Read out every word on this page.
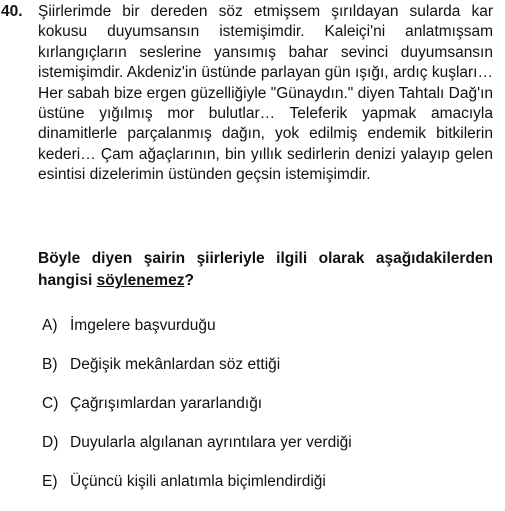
40. Şiirlerimde bir dereden söz etmişsem şırıldayan sularda kar kokusu duyumsansın istemişimdir. Kaleiçi'ni anlatmışsam kırlangıçların seslerine yansımış bahar sevinci duyumsansın istemişimdir. Akdeniz'in üstünde parlayan gün ışığı, ardıç kuşları… Her sabah bize ergen güzelliğiyle "Günaydın." diyen Tahtalı Dağ'ın üstüne yığılmış mor bulutlar… Teleferik yapmak amacıyla dinamitlerle parçalanmış dağın, yok edilmiş endemik bitkilerin kederi… Çam ağaçlarının, bin yıllık sedirlerin denizi yalayıp gelen esintisi dizelerimin üstünden geçsin istemişimdir.

Böyle diyen şairin şiirleriyle ilgili olarak aşağıdakilerden hangisi söylenemez?

A) İmgelere başvurduğu
B) Değişik mekânlardan söz ettiği
C) Çağrışımlardan yararlandığı
D) Duyularla algılanan ayrıntılara yer verdiği
E) Üçüncü kişili anlatımla biçimlendirdiği
